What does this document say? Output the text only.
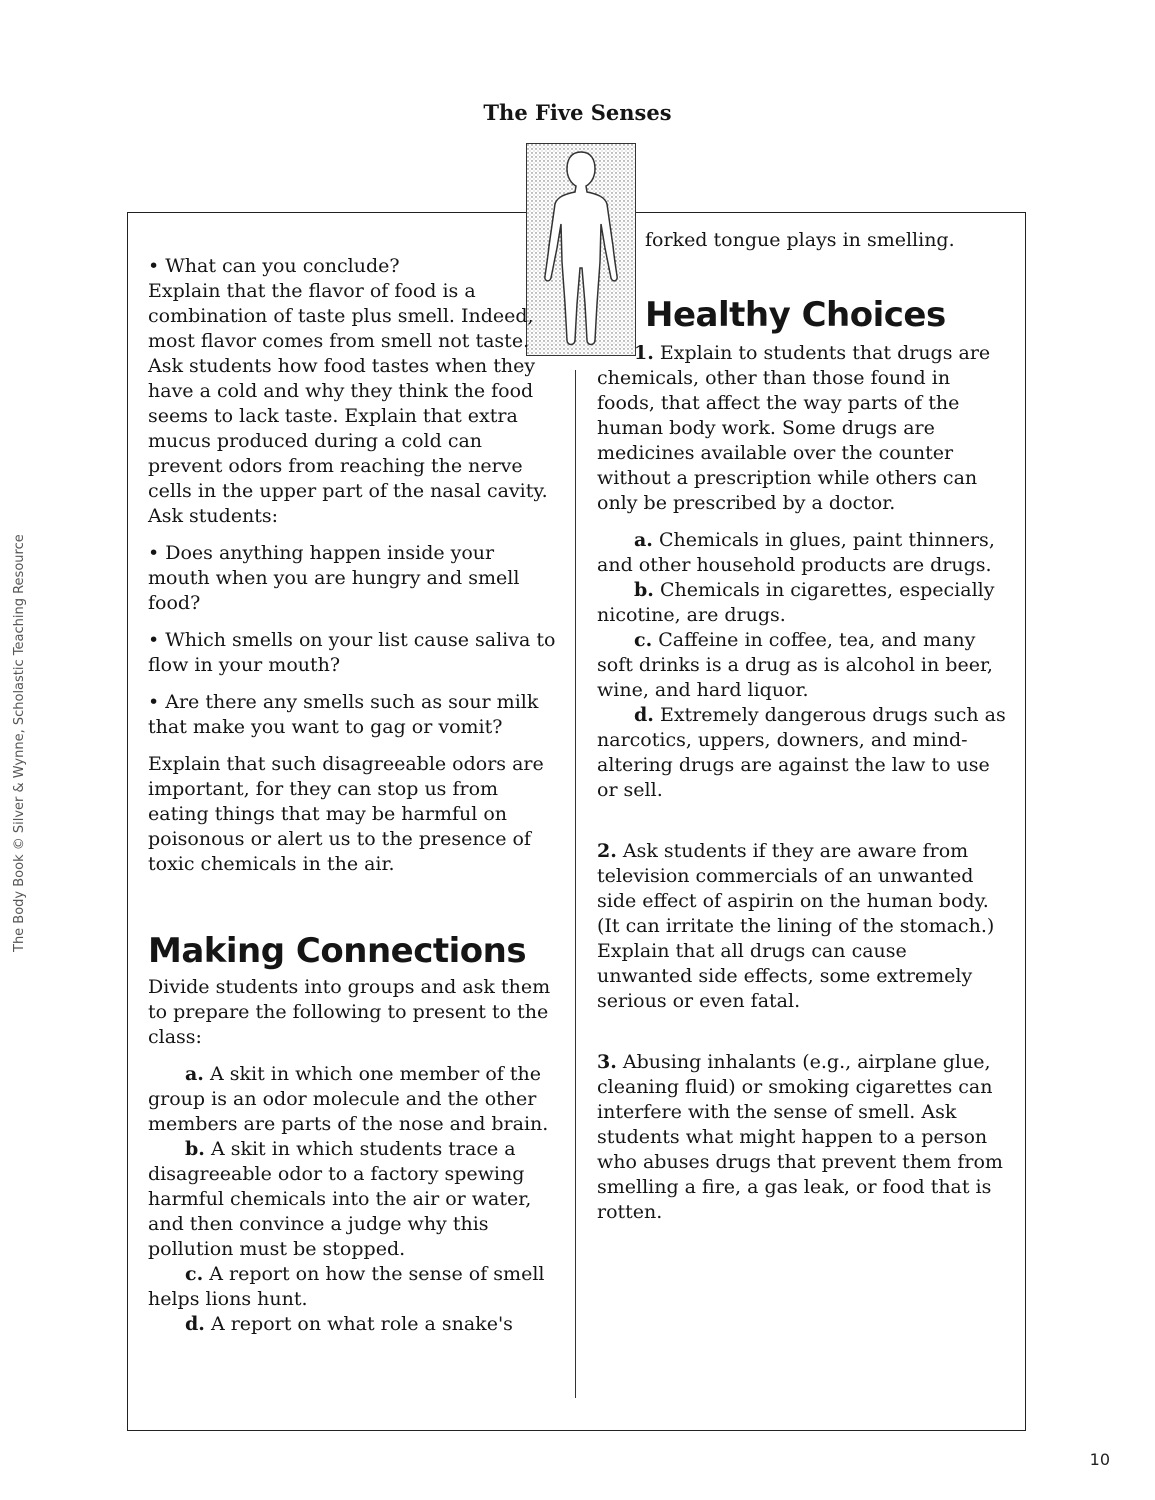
The Five Senses
The Body Book © Silver & Wynne, Scholastic Teaching Resource

• What can you conclude?

Explain that the flavor of food is a combination of taste plus smell. Indeed, most flavor comes from smell not taste. Ask students how food tastes when they have a cold and why they think the food seems to lack taste. Explain that extra mucus produced during a cold can prevent odors from reaching the nerve cells in the upper part of the nasal cavity.

Ask students:

• Does anything happen inside your mouth when you are hungry and smell food?

• Which smells on your list cause saliva to flow in your mouth?

• Are there any smells such as sour milk that make you want to gag or vomit?

Explain that such disagreeable odors are important, for they can stop us from eating things that may be harmful on poisonous or alert us to the presence of toxic chemicals in the air.

Making Connections

Divide students into groups and ask them to prepare the following to present to the class:

a. A skit in which one member of the group is an odor molecule and the other members are parts of the nose and brain.

b. A skit in which students trace a disagreeable odor to a factory spewing harmful chemicals into the air or water, and then convince a judge why this pollution must be stopped.

c. A report on how the sense of smell helps lions hunt.

d. A report on what role a snake's

forked tongue plays in smelling.

Healthy Choices

1. Explain to students that drugs are chemicals, other than those found in foods, that affect the way parts of the human body work. Some drugs are medicines available over the counter without a prescription while others can only be prescribed by a doctor.

a. Chemicals in glues, paint thinners, and other household products are drugs.

b. Chemicals in cigarettes, especially nicotine, are drugs.

c. Caffeine in coffee, tea, and many soft drinks is a drug as is alcohol in beer, wine, and hard liquor.

d. Extremely dangerous drugs such as narcotics, uppers, downers, and mind-altering drugs are against the law to use or sell.

2. Ask students if they are aware from television commercials of an unwanted side effect of aspirin on the human body. (It can irritate the lining of the stomach.) Explain that all drugs can cause unwanted side effects, some extremely serious or even fatal.

3. Abusing inhalants (e.g., airplane glue, cleaning fluid) or smoking cigarettes can interfere with the sense of smell. Ask students what might happen to a person who abuses drugs that prevent them from smelling a fire, a gas leak, or food that is rotten.

10
